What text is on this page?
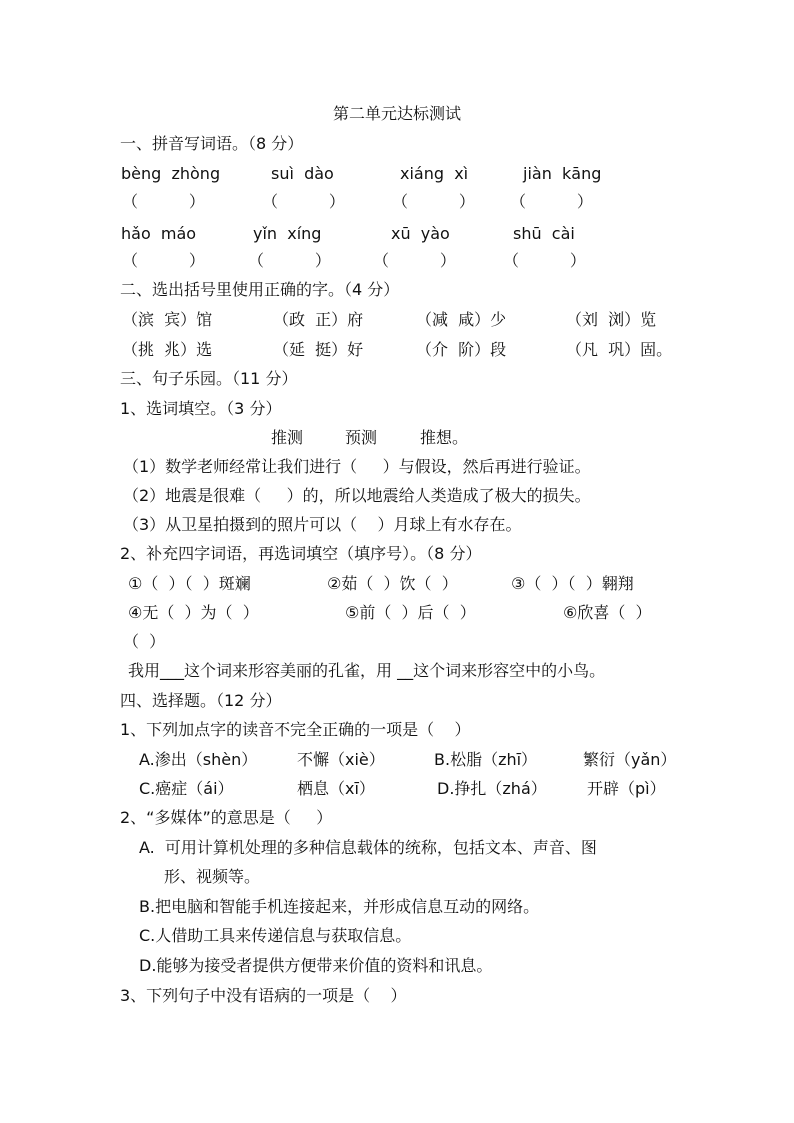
第二单元达标测试
一、拼音写词语。（8 分）
bèng  zhòng	suì  dào	xiáng  xì	jiàn  kāng
（          ）	（          ）	（          ） （          ）
hǎo  máo	yǐn  xíng	xū  yào	shū  cài
（          ）	（          ）	（          ）	（          ）
二、选出括号里使用正确的字。（4 分）
（滨  宾）馆	（政  正）府	（减  咸）少	（刘  浏）览
（挑  兆）选	（延  挺）好	（介  阶）段	（凡  巩）固。
三、句子乐园。（11 分）
1、选词填空。（3 分）
推测	预测	推想。
（1）数学老师经常让我们进行（     ）与假设，然后再进行验证。
（2）地震是很难（     ）的，所以地震给人类造成了极大的损失。
（3）从卫星拍摄到的照片可以（    ）月球上有水存在。
2、补充四字词语，再选词填空（填序号）。（8 分）
①（  ）（  ）斑斓	②茹（  ）饮（  ）	③（  ）（  ）翱翔
④无（  ）为（  ）	⑤前（  ）后（  ）	⑥欣喜（  ）
（  ）
我用___这个词来形容美丽的孔雀，用 __这个词来形容空中的小鸟。
四、选择题。（12 分）
1、下列加点字的读音不完全正确的一项是（    ）
A.渗出（shèn） 不懈（xiè）	B.松脂（zhī）	繁衍（yǎn）
C.癌症（ái）	栖息（xī）	D.挣扎（zhá）	开辟（pì）
2、“多媒体”的意思是（     ）
A.  可用计算机处理的多种信息载体的统称，包括文本、声音、图
形、视频等。
B.把电脑和智能手机连接起来，并形成信息互动的网络。
C.人借助工具来传递信息与获取信息。
D.能够为接受者提供方便带来价值的资料和讯息。
3、下列句子中没有语病的一项是（    ）
